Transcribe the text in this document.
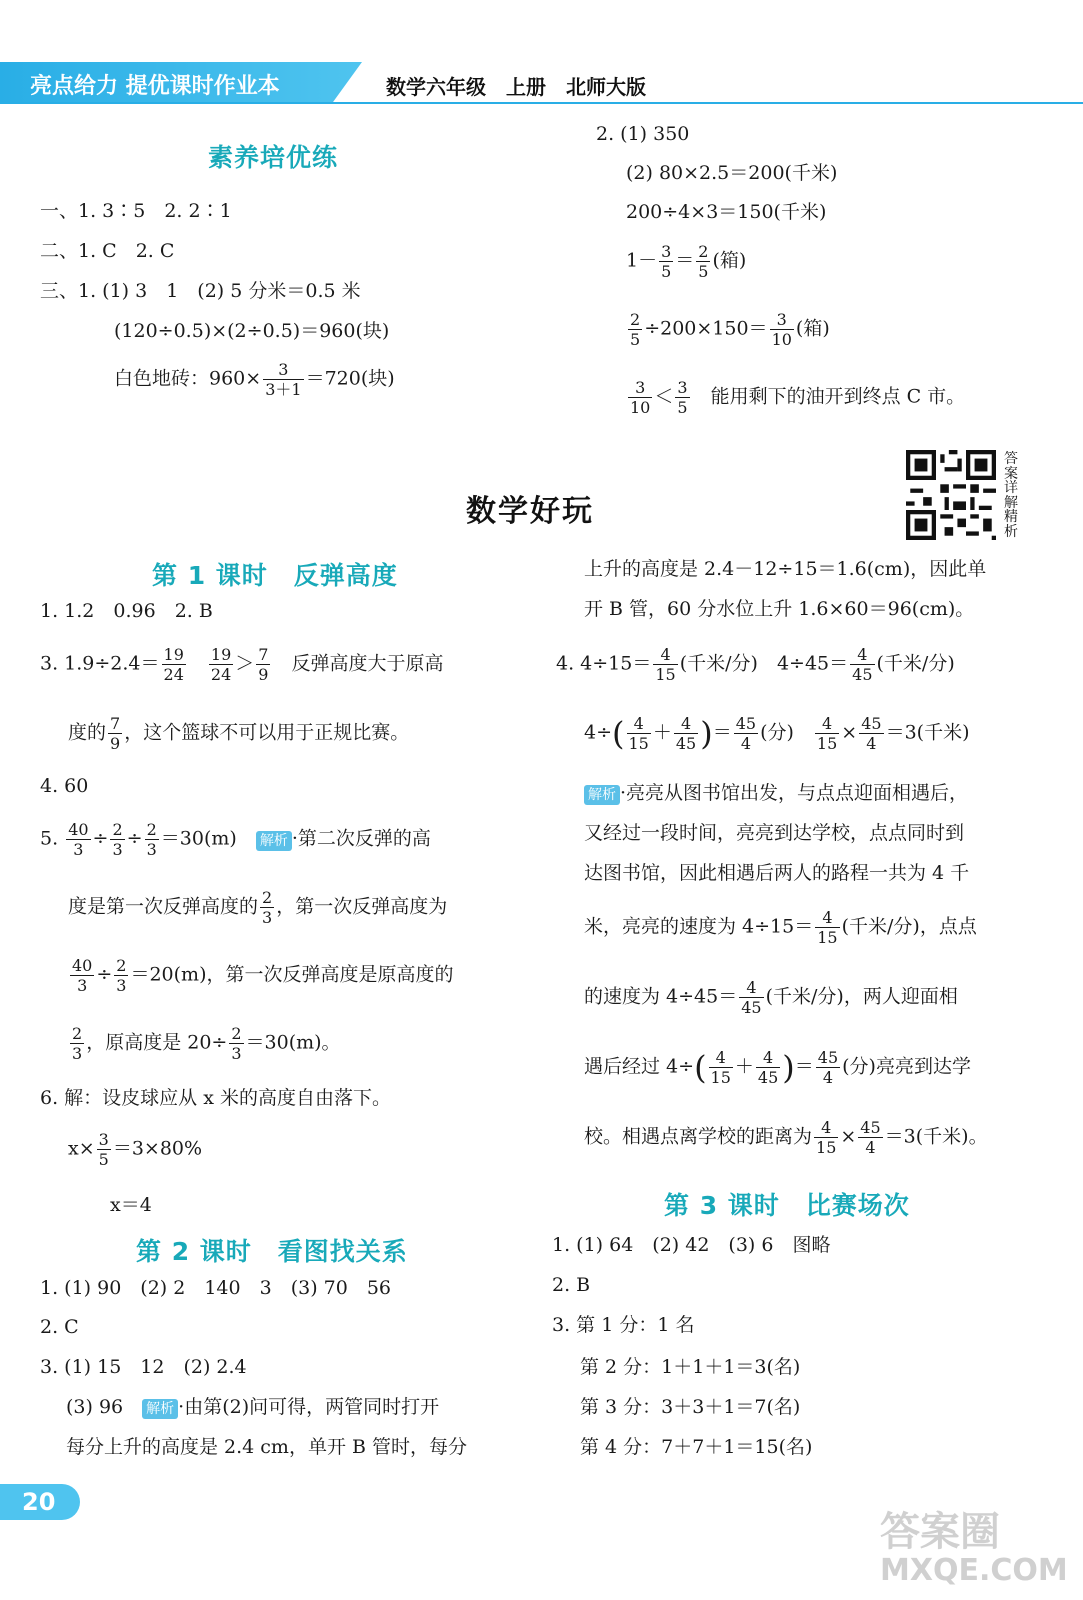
亮点给力 提优课时作业本	数学六年级　上册　北师大版
素养培优练
一、1. 3∶5　2. 2∶1
二、1. C　2. C
三、1. (1) 3　1　(2) 5 分米＝0.5 米
(120÷0.5)×(2÷0.5)＝960(块)
白色地砖：$960\times \frac{3}{3+1} =720$(块)
2. (1) 350
(2) 80×2.5＝200(千米)
200÷4×3＝150(千米)
$1- \frac{3}{5} = \frac{2}{5}$ (箱)
$\frac{2}{5} \div 200\times 150= \frac{3}{10}$ (箱)
$\frac{3}{10} < \frac{3}{5}$ 　能用剩下的油开到终点 C 市。
答案详解精析
数学好玩
第 1 课时　反弹高度
1. 1.2　0.96　2. B
3. $1.9\div 2.4= \frac{19}{24}$
　 $\frac{19}{24} > \frac{7}{9}$ 　反弹高度大于原高
度的 $\frac{7}{9}$ ，这个篮球不可以用于正规比赛。
4. 60
5. $\frac{40}{3} \div \frac{2}{3} \div \frac{2}{3} =30(m)$　 解析 ·第二次反弹的高
度是第一次反弹高度的 $\frac{2}{3}$ ，第一次反弹高度为
$\frac{40}{3} \div \frac{2}{3} =20(m)$，第一次反弹高度是原高度的
$\frac{2}{3}$ ，原高度是 $20\div \frac{2}{3} =30(m)$。
6. 解：设皮球应从 x 米的高度自由落下。
$x\times \frac{3}{5} =3\times 80\%$
x＝4
第 2 课时　看图找关系
1. (1) 90　(2) 2　140　3　(3) 70　56
2. C
3. (1) 15　12　(2) 2.4
(3) 96　 解析 ·由第(2)问可得，两管同时打开
每分上升的高度是 2.4 cm，单开 B 管时，每分
上升的高度是 2.4－12÷15＝1.6(cm)，因此单
开 B 管，60 分水位上升 1.6×60＝96(cm)。
4. $4\div 15= \frac{4}{15}$ (千米/分)　$4\div 45= \frac{4}{45}$ (千米/分)
$4\div( \frac{4}{15} + \frac{4}{45}$ )＝ $\frac{45}{4}$ (分)　 $\frac{4}{15} \times \frac{45}{4} =3$(千米)
解析 ·亮亮从图书馆出发，与点点迎面相遇后，
又经过一段时间，亮亮到达学校，点点同时到
达图书馆，因此相遇后两人的路程一共为 4 千
米，亮亮的速度为 $4\div 15= \frac{4}{15}$ (千米/分)，点点
的速度为 $4\div 45= \frac{4}{45}$ (千米/分)，两人迎面相
遇后经过 $4\div( \frac{4}{15} + \frac{4}{45}$ )＝ $\frac{45}{4}$ (分)亮亮到达学
校。相遇点离学校的距离为 $\frac{4}{15} \times \frac{45}{4} =3$(千米)。
第 3 课时　比赛场次
1. (1) 64　(2) 42　(3) 6　图略
2. B
3. 第 1 分：1 名
第 2 分：1＋1＋1＝3(名)
第 3 分：3＋3＋1＝7(名)
第 4 分：7＋7＋1＝15(名)
20
答案圈
MXQE.COM
